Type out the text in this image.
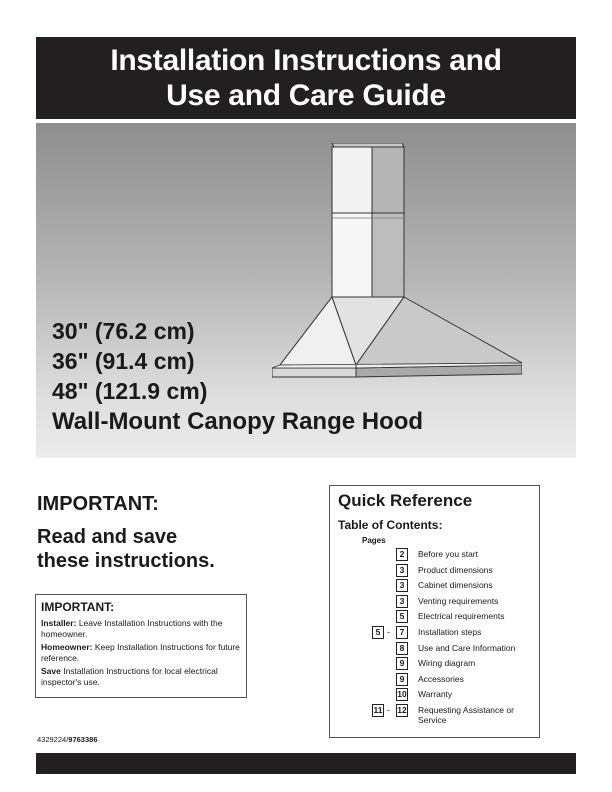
Installation Instructions and
Use and Care Guide
30" (76.2 cm)
36" (91.4 cm)
48" (121.9 cm)
Wall-Mount Canopy Range Hood
IMPORTANT:
Read and save
these instructions.
IMPORTANT:
Installer: Leave Installation Instructions with the homeowner.
Homeowner: Keep Installation Instructions for future reference.
Save Installation Instructions for local electrical inspector's use.
Quick Reference
Table of Contents:
Pages
2	Before you start
3	Product dimensions
3	Cabinet dimensions
3	Venting requirements
5	Electrical requirements
5 -	7	Installation steps
8	Use and Care Information
9	Wiring diagram
9	Accessories
10 Warranty
11 - 12 Requesting Assistance or Service
4329224/9763386
